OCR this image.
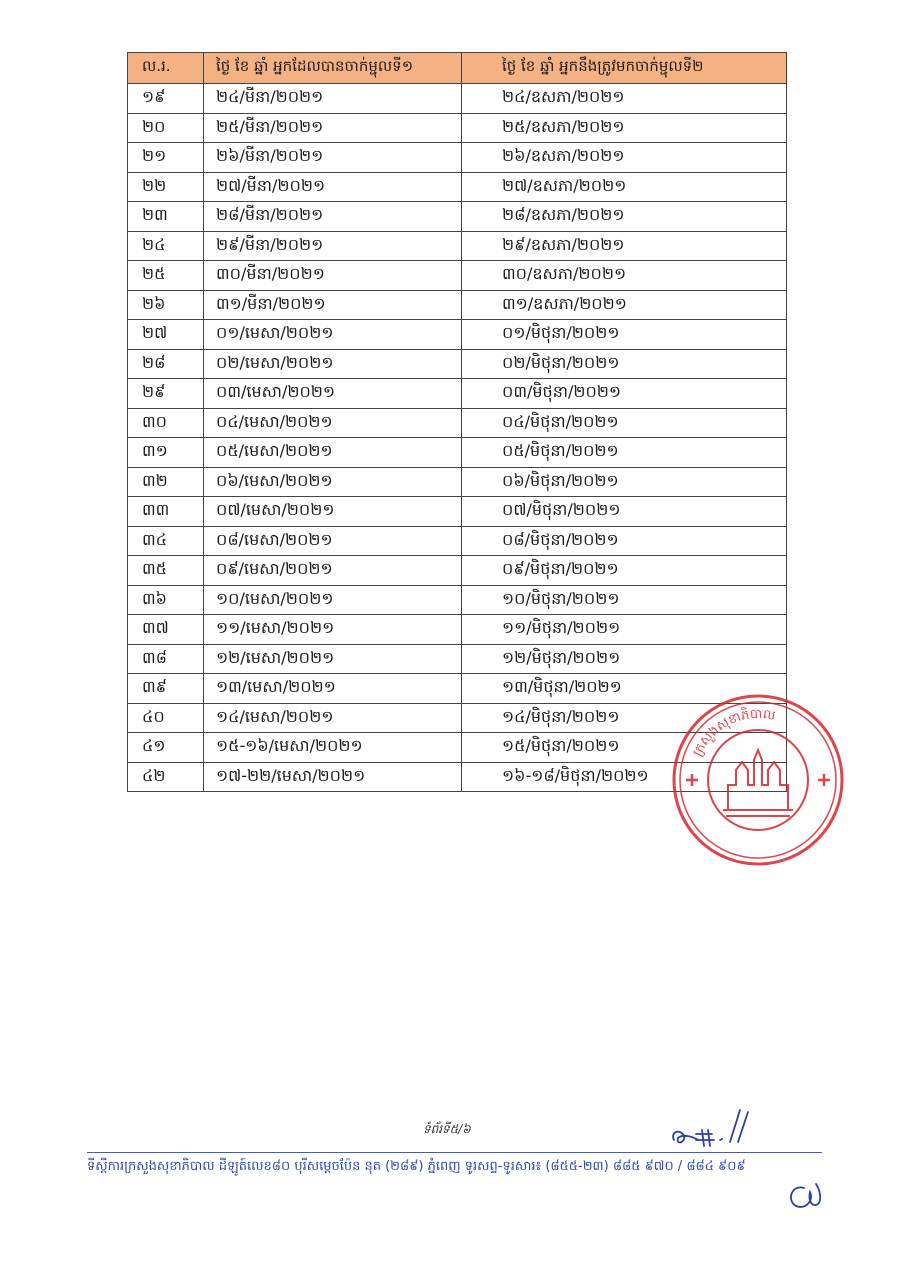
ល.រ.	ថ្ងៃ ខែ ឆ្នាំ អ្នកដែលបានចាក់ម្ជុលទី១	ថ្ងៃ ខែ ឆ្នាំ អ្នកនឹងត្រូវមកចាក់ម្ជុលទី២
១៩	២៤/មីនា/២០២១	២៤/ឧសភា/២០២១
២០	២៥/មីនា/២០២១	២៥/ឧសភា/២០២១
២១	២៦/មីនា/២០២១	២៦/ឧសភា/២០២១
២២	២៧/មីនា/២០២១	២៧/ឧសភា/២០២១
២៣	២៨/មីនា/២០២១	២៨/ឧសភា/២០២១
២៤	២៩/មីនា/២០២១	២៩/ឧសភា/២០២១
២៥	៣០/មីនា/២០២១	៣០/ឧសភា/២០២១
២៦	៣១/មីនា/២០២១	៣១/ឧសភា/២០២១
២៧	០១/មេសា/២០២១	០១/មិថុនា/២០២១
២៨	០២/មេសា/២០២១	០២/មិថុនា/២០២១
២៩	០៣/មេសា/២០២១	០៣/មិថុនា/២០២១
៣០	០៤/មេសា/២០២១	០៤/មិថុនា/២០២១
៣១	០៥/មេសា/២០២១	០៥/មិថុនា/២០២១
៣២	០៦/មេសា/២០២១	០៦/មិថុនា/២០២១
៣៣	០៧/មេសា/២០២១	០៧/មិថុនា/២០២១
៣៤	០៨/មេសា/២០២១	០៨/មិថុនា/២០២១
៣៥	០៩/មេសា/២០២១	០៩/មិថុនា/២០២១
៣៦	១០/មេសា/២០២១	១០/មិថុនា/២០២១
៣៧	១១/មេសា/២០២១	១១/មិថុនា/២០២១
៣៨	១២/មេសា/២០២១	១២/មិថុនា/២០២១
៣៩	១៣/មេសា/២០២១	១៣/មិថុនា/២០២១
៤០	១៤/មេសា/២០២១	១៤/មិថុនា/២០២១
៤១	១៥-១៦/មេសា/២០២១	១៥/មិថុនា/២០២១
៤២	១៧-២២/មេសា/២០២១	១៦-១៨/មិថុនា/២០២១
ក្រសួងសុខាភិបាល
ទំព័រទី៥/៦
ទីស្តីការក្រសួងសុខាភិបាល ដីឡូត៍លេខ៨០ បុរីសម្តេចប៉ែន នុត (២៨៩) ភ្នំពេញ ទូរសព្ទ-ទូរសារ៖ (៨៥៥-២៣) ៨៨៥ ៩៧០ / ៨៨៤ ៩០៩
